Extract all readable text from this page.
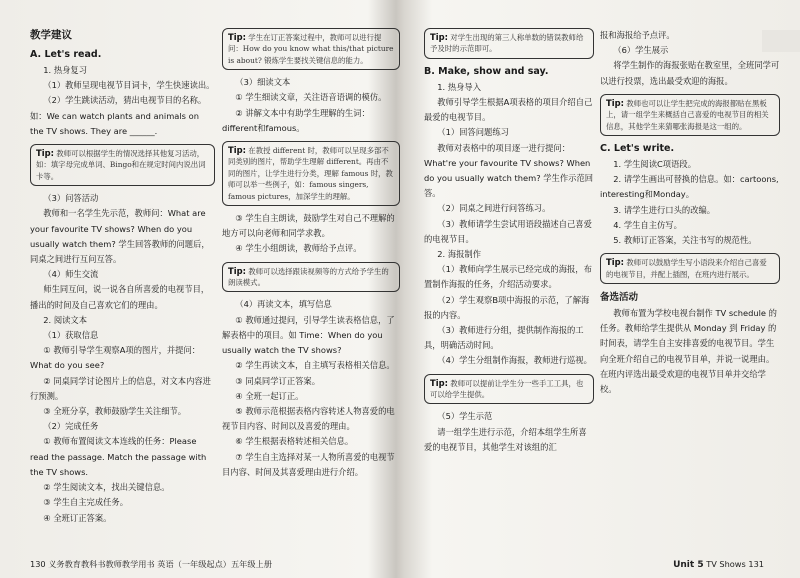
教学建议
A. Let's read.

1. 热身复习

（1）教师呈现电视节目词卡，学生快速读出。

（2）学生跳读活动，猜出电视节目的名称。如：We can watch plants and animals on the TV shows. They are ______.

Tip: 教师可以根据学生的情况选择其他复习活动，如：填字母完成单词、Bingo和在规定时间内说出词卡等。

（3）问答活动

教师和一名学生先示范，教师问：What are your favourite TV shows? When do you usually watch them? 学生回答教师的问题后，同桌之间进行互问互答。

（4）师生交流

师生同互问，说一说各自所喜爱的电视节目，播出的时间及自己喜欢它们的理由。

2. 阅读文本

（1）获取信息

① 教师引导学生观察A项的图片，并提问：What do you see?

② 同桌同学讨论图片上的信息，对文本内容进行预测。

③ 全班分享，教师鼓励学生关注细节。

（2）完成任务

① 教师布置阅读文本连线的任务：Please read the passage. Match the passage with the TV shows.

② 学生阅读文本，找出关键信息。

③ 学生自主完成任务。

④ 全班订正答案。

Tip: 学生在订正答案过程中，教师可以进行提问：How do you know what this/that picture is about? 锻炼学生要找关键信息的能力。

（3）细读文本

① 学生细读文章，关注语音语调的模仿。

② 讲解文本中有助学生理解的生词：different和famous。

Tip: 在教授 different 时，教师可以呈现多部不同类别的图片，帮助学生理解 different。再由不同的图片，让学生进行分类，理解 famous 时，教师可以举一些例子，如：famous singers, famous pictures，加深学生的理解。

③ 学生自主朗读，鼓励学生对自己不理解的地方可以向老师和同学求教。

④ 学生小组朗读，教师给予点评。

Tip: 教师可以选择跟读视频等的方式给予学生的朗读模式。

（4）再读文本，填写信息

① 教师通过提问，引导学生读表格信息，了解表格中的项目。如 Time：When do you usually watch the TV shows?

② 学生再读文本，自主填写表格相关信息。

③ 同桌同学订正答案。

④ 全班一起订正。

⑤ 教师示范根据表格内容转述人物喜爱的电视节目内容、时间以及喜爱的理由。

⑥ 学生根据表格转述相关信息。

⑦ 学生自主选择对某一人物所喜爱的电视节目内容、时间及其喜爱理由进行介绍。

Tip: 对学生出现的第三人称单数的错误教师给予及时的示范即可。
B. Make, show and say.

1. 热身导入

教师引导学生根据A项表格的项目介绍自己最爱的电视节目。

（1）回答问题练习

教师对表格中的项目逐一进行提问：What're your favourite TV shows? When do you usually watch them? 学生作示范回答。

（2）同桌之间进行问答练习。

（3）教师请学生尝试用语段描述自己喜爱的电视节目。

2. 海报制作

（1）教师向学生展示已经完成的海报，布置制作海报的任务，介绍活动要求。

（2）学生观察B项中海报的示范，了解海报的内容。

（3）教师进行分组，提供制作海报的工具，明确活动时间。

（4）学生分组制作海报，教师进行巡视。

Tip: 教师可以提前让学生分一些手工工具，也可以给学生提供。

（5）学生示范

请一组学生进行示范，介绍本组学生所喜爱的电视节目，其他学生对该组的汇

报和海报给予点评。

（6）学生展示

将学生制作的海报张贴在教室里，全班同学可以进行投票，选出最受欢迎的海报。

Tip: 教师也可以让学生把完成的海报都贴在黑板上，请一组学生来概括自己喜爱的电视节目的相关信息，其他学生来猜哪张海报是这一组的。
C. Let's write.

1. 学生阅读C项语段。

2. 请学生画出可替换的信息。如：cartoons, interesting和Monday。

3. 请学生进行口头的改编。

4. 学生自主仿写。

5. 教师订正答案，关注书写的规范性。

Tip: 教师可以鼓励学生写小语段来介绍自己喜爱的电视节目，并配上插图，在班内进行展示。
备选活动

教师布置为学校电视台制作 TV schedule 的任务。教师给学生提供从 Monday 到 Friday 的时间表，请学生自主安排喜爱的电视节目。学生向全班介绍自己的电视节目单，并说一说理由。在班内评选出最受欢迎的电视节目单并交给学校。

130 义务教育教科书教师教学用书 英语（一年级起点）五年级上册	Unit 5 TV Shows 131
